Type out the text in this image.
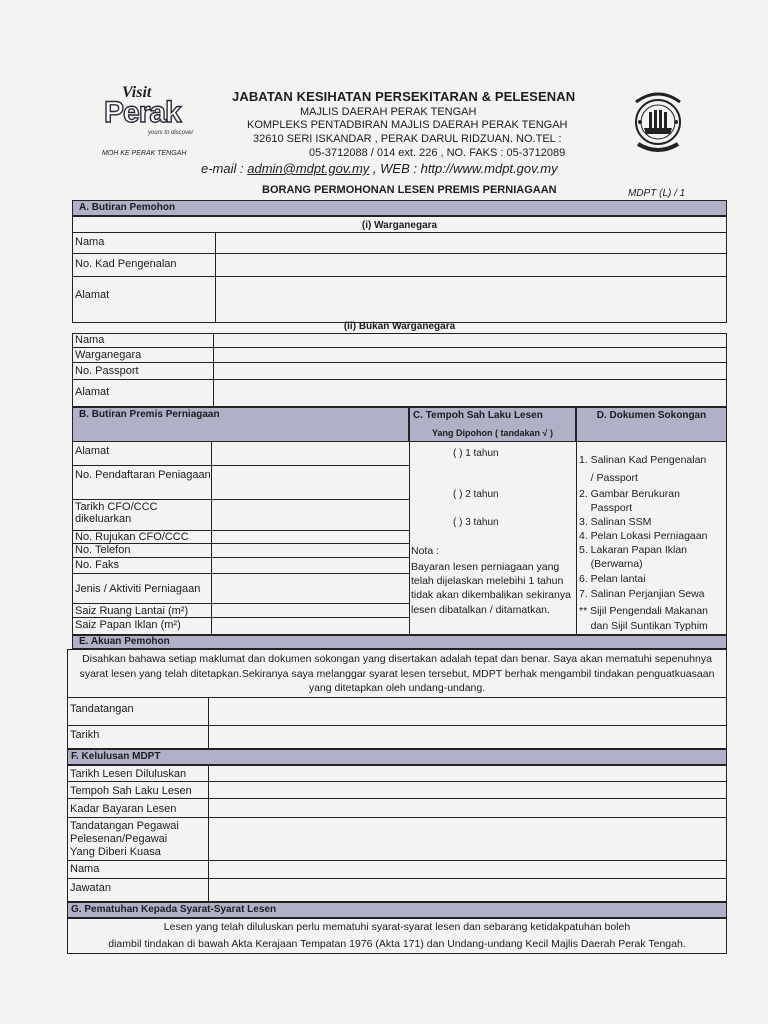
Visit
Perak
yours to discover
MOH KE PERAK TENGAH
JABATAN KESIHATAN PERSEKITARAN & PELESENAN
MAJLIS DAERAH PERAK TENGAH
KOMPLEKS PENTADBIRAN MAJLIS DAERAH PERAK TENGAH
32610 SERI ISKANDAR , PERAK DARUL RIDZUAN. NO.TEL :
05-3712088 / 014 ext. 226 , NO. FAKS : 05-3712089
e-mail : admin@mdpt.gov.my , WEB : http://www.mdpt.gov.my
BORANG PERMOHONAN LESEN PREMIS PERNIAGAAN	MDPT (L) / 1
A. Butiran Pemohon
(i) Warganegara
Nama
No. Kad Pengenalan
Alamat
(ii) Bukan Warganegara
Nama
Warganegara
No. Passport
Alamat
B. Butiran Premis Perniagaan	C. Tempoh Sah Laku Lesen
Yang Dipohon ( tandakan √ )
D. Dokumen Sokongan
Alamat
No. Pendaftaran Peniagaan
Tarikh CFO/CCC
dikeluarkan
No. Rujukan CFO/CCC
No. Telefon
No. Faks
Jenis / Aktiviti Perniagaan
Saiz Ruang Lantai (m²)
Saiz Papan Iklan (m²)
( ) 1 tahun
( ) 2 tahun
( ) 3 tahun
Nota :
Bayaran lesen perniagaan yang
telah dijelaskan melebihi 1 tahun
tidak akan dikembalikan sekiranya
lesen dibatalkan / ditamatkan.
1. Salinan Kad Pengenalan
/ Passport
2. Gambar Berukuran
Passport
3. Salinan SSM
4. Pelan Lokasi Perniagaan
5. Lakaran Papan Iklan
(Berwarna)
6. Pelan lantai
7. Salinan Perjanjian Sewa
** Sijil Pengendali Makanan
dan Sijil Suntikan Typhim
E. Akuan Pemohon
Disahkan bahawa setiap maklumat dan dokumen sokongan yang disertakan adalah tepat dan benar. Saya akan mematuhi sepenuhnya
syarat lesen yang telah ditetapkan.Sekiranya saya melanggar syarat lesen tersebut, MDPT berhak mengambil tindakan penguatkuasaan
yang ditetapkan oleh undang-undang.
Tandatangan
Tarikh
F. Kelulusan MDPT
Tarikh Lesen Diluluskan
Tempoh Sah Laku Lesen
Kadar Bayaran Lesen
Tandatangan Pegawai
Pelesenan/Pegawai
Yang Diberi Kuasa
Nama
Jawatan
G. Pematuhan Kepada Syarat-Syarat Lesen
Lesen yang telah diluluskan perlu mematuhi syarat-syarat lesen dan sebarang ketidakpatuhan boleh
diambil tindakan di bawah Akta Kerajaan Tempatan 1976 (Akta 171) dan Undang-undang Kecil Majlis Daerah Perak Tengah.
